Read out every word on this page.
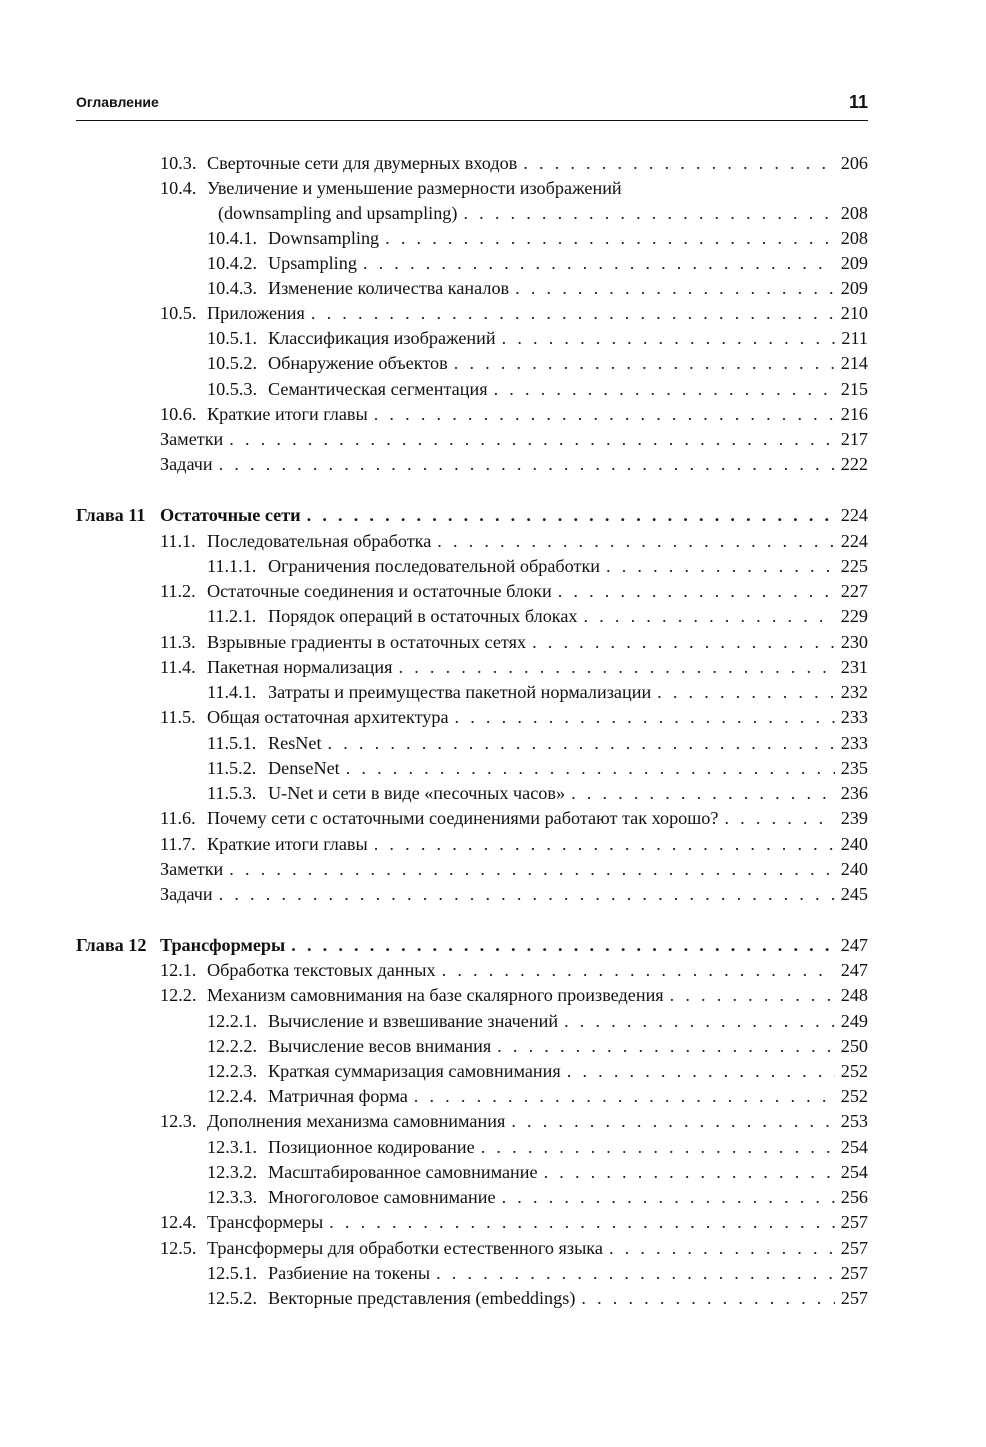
Оглавление	11
10.3. Сверточные сети для двумерных входов . . .	206
10.4. Увеличение и уменьшение размерности изображений
(downsampling and upsampling) . . .	208
10.4.1. Downsampling . . .	208
10.4.2. Upsampling . . .	209
10.4.3. Изменение количества каналов . . .	209
10.5. Приложения . . .	210
10.5.1. Классификация изображений . . .	211
10.5.2. Обнаружение объектов . . .	214
10.5.3. Семантическая сегментация . . .	215
10.6. Краткие итоги главы . . .	216
Заметки . . .	217
Задачи . . .	222
Глава 11 Остаточные сети . . .	224
11.1. Последовательная обработка . . .	224
11.1.1. Ограничения последовательной обработки . . .	225
11.2. Остаточные соединения и остаточные блоки . . .	227
11.2.1. Порядок операций в остаточных блоках . . .	229
11.3. Взрывные градиенты в остаточных сетях . . .	230
11.4. Пакетная нормализация . . .	231
11.4.1. Затраты и преимущества пакетной нормализации . . .	232
11.5. Общая остаточная архитектура . . .	233
11.5.1. ResNet . . .	233
11.5.2. DenseNet . . .	235
11.5.3. U-Net и сети в виде «песочных часов» . . .	236
11.6. Почему сети с остаточными соединениями работают так хорошо? . . .	239
11.7. Краткие итоги главы . . .	240
Заметки . . .	240
Задачи . . .	245
Глава 12 Трансформеры . . .	247
12.1. Обработка текстовых данных . . .	247
12.2. Механизм самовнимания на базе скалярного произведения . . .	248
12.2.1. Вычисление и взвешивание значений . . .	249
12.2.2. Вычисление весов внимания . . .	250
12.2.3. Краткая суммаризация самовнимания . . .	252
12.2.4. Матричная форма . . .	252
12.3. Дополнения механизма самовнимания . . .	253
12.3.1. Позиционное кодирование . . .	254
12.3.2. Масштабированное самовнимание . . .	254
12.3.3. Многоголовое самовнимание . . .	256
12.4. Трансформеры . . .	257
12.5. Трансформеры для обработки естественного языка . . .	257
12.5.1. Разбиение на токены . . .	257
12.5.2. Векторные представления (embeddings) . . .	257
